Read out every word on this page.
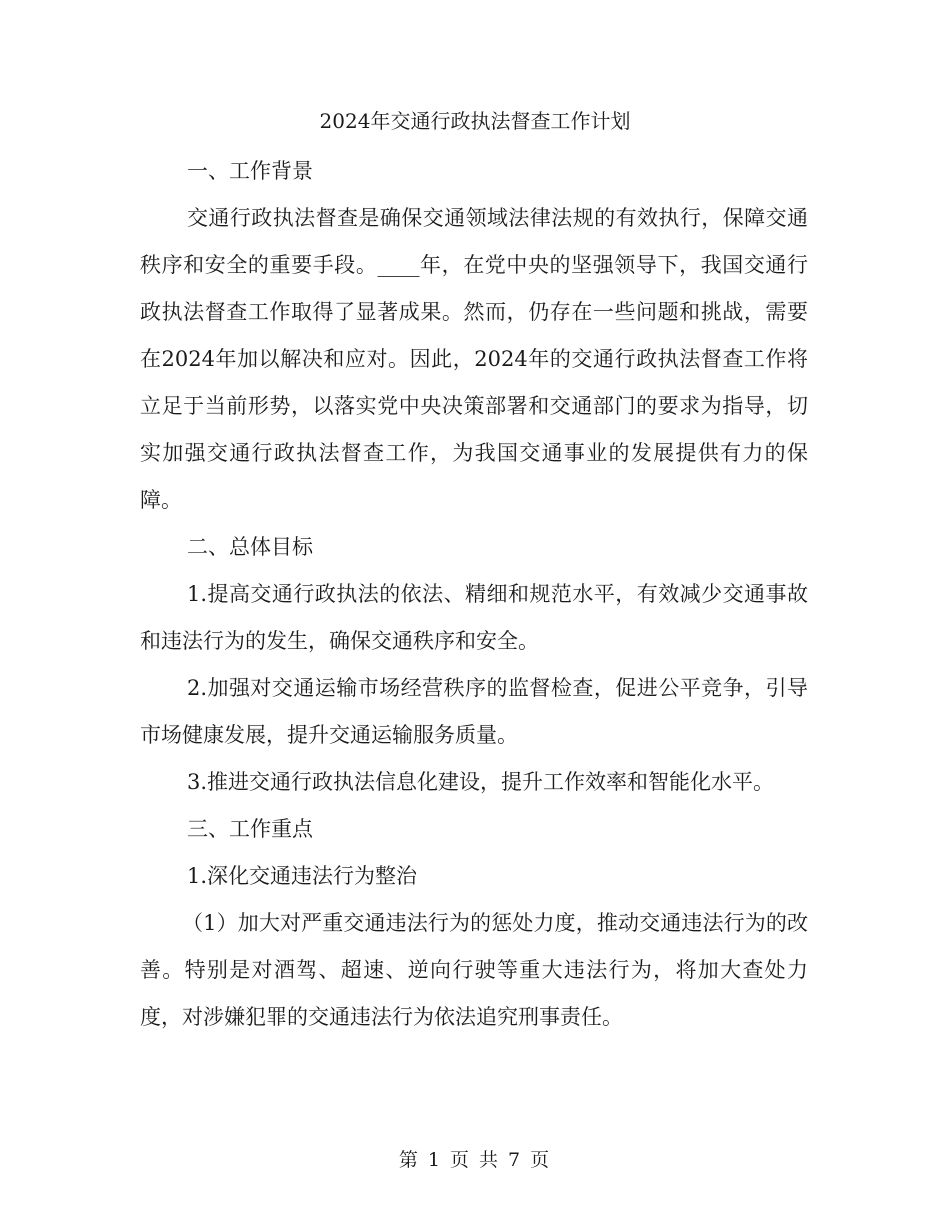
2024年交通行政执法督查工作计划

一、工作背景

交通行政执法督查是确保交通领域法律法规的有效执行，保障交通秩序和安全的重要手段。____年，在党中央的坚强领导下，我国交通行政执法督查工作取得了显著成果。然而，仍存在一些问题和挑战，需要在2024年加以解决和应对。因此，2024年的交通行政执法督查工作将立足于当前形势，以落实党中央决策部署和交通部门的要求为指导，切实加强交通行政执法督查工作，为我国交通事业的发展提供有力的保障。

二、总体目标

1.提高交通行政执法的依法、精细和规范水平，有效减少交通事故和违法行为的发生，确保交通秩序和安全。

2.加强对交通运输市场经营秩序的监督检查，促进公平竞争，引导市场健康发展，提升交通运输服务质量。

3.推进交通行政执法信息化建设，提升工作效率和智能化水平。

三、工作重点

1.深化交通违法行为整治

（1）加大对严重交通违法行为的惩处力度，推动交通违法行为的改善。特别是对酒驾、超速、逆向行驶等重大违法行为，将加大查处力度，对涉嫌犯罪的交通违法行为依法追究刑事责任。

第 1 页 共 7 页
